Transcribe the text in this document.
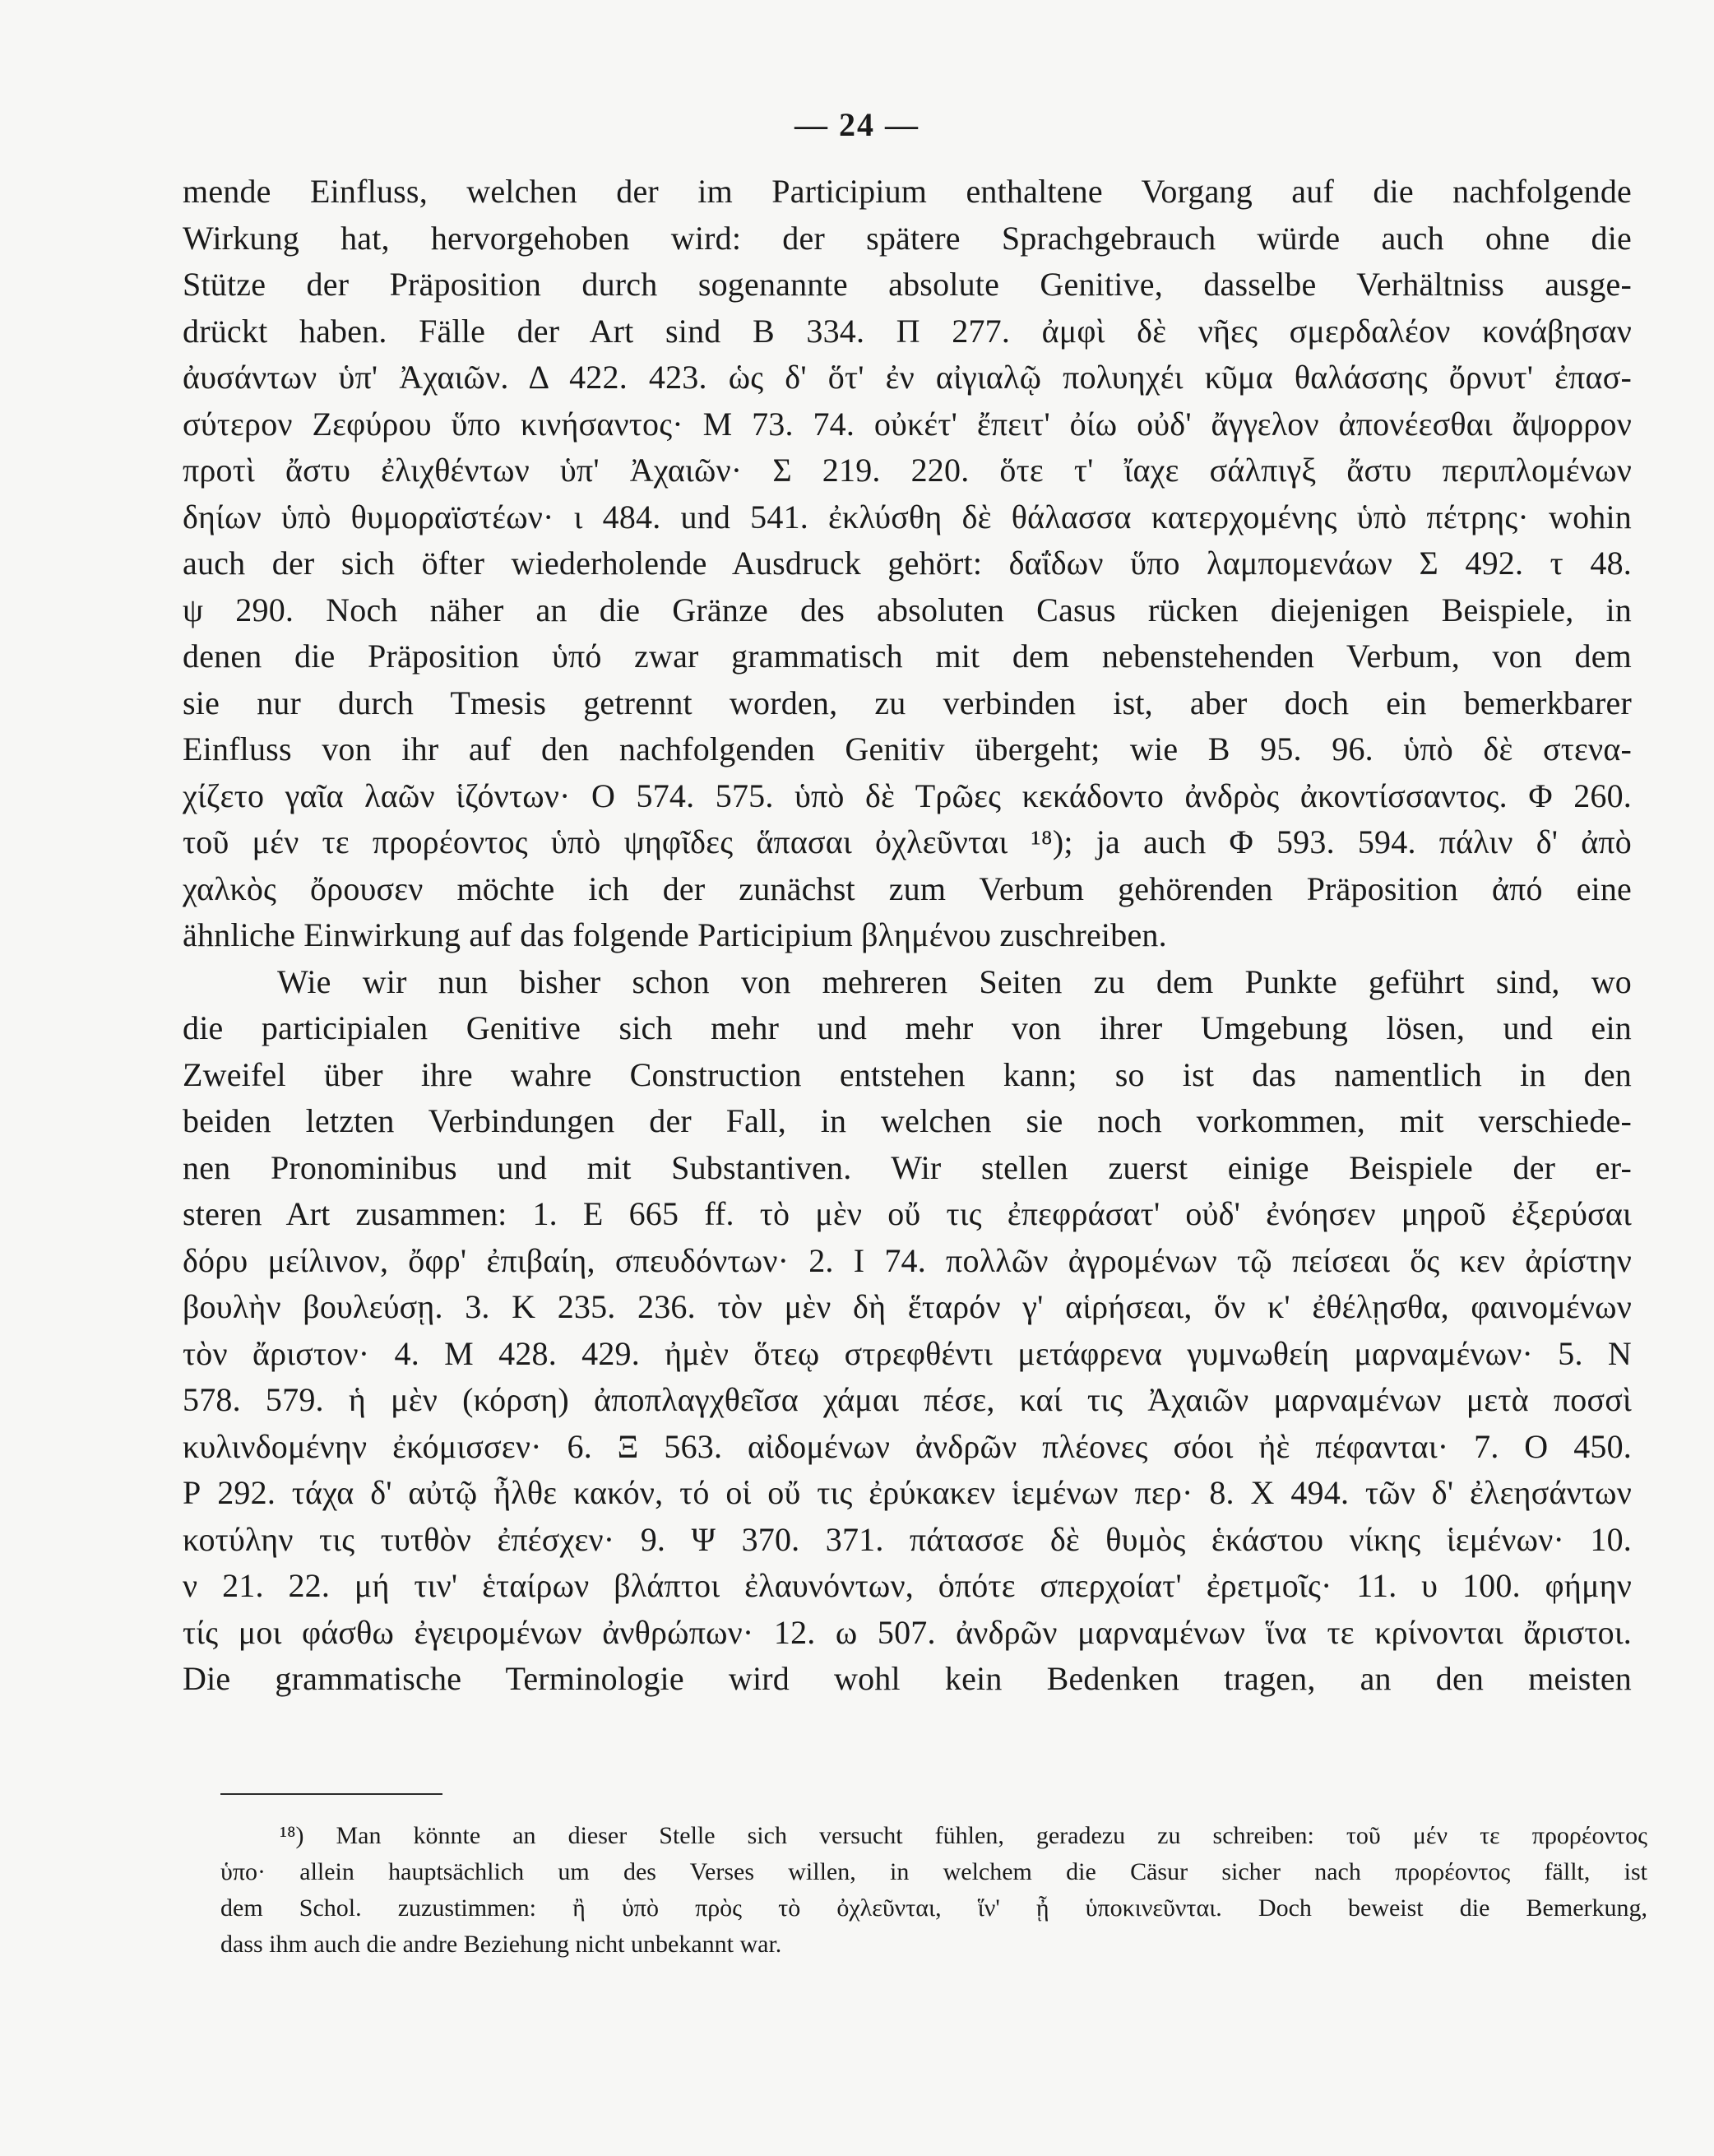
— 24 —
mende Einfluss, welchen der im Participium enthaltene Vorgang auf die nachfolgende
Wirkung hat, hervorgehoben wird: der spätere Sprachgebrauch würde auch ohne die
Stütze der Präposition durch sogenannte absolute Genitive, dasselbe Verhältniss ausge-
drückt haben. Fälle der Art sind Β 334. Π 277. ἀμφὶ δὲ νῆες σμερδαλέον κονάβησαν
ἀυσάντων ὑπ' Ἀχαιῶν. Δ 422. 423. ὡς δ' ὅτ' ἐν αἰγιαλῷ πολυηχέι κῦμα θαλάσσης ὄρνυτ' ἐπασ-
σύτερον Ζεφύρου ὕπο κινήσαντος· Μ 73. 74. οὐκέτ' ἔπειτ' ὀίω οὐδ' ἄγγελον ἀπονέεσθαι ἄψορρον
προτὶ ἄστυ ἐλιχθέντων ὑπ' Ἀχαιῶν· Σ 219. 220. ὅτε τ' ἴαχε σάλπιγξ ἄστυ περιπλομένων
δηίων ὑπὸ θυμοραϊστέων· ι 484. und 541. ἐκλύσθη δὲ θάλασσα κατερχομένης ὑπὸ πέτρης· wohin
auch der sich öfter wiederholende Ausdruck gehört: δαΐδων ὕπο λαμπομενάων Σ 492. τ 48.
ψ 290. Noch näher an die Gränze des absoluten Casus rücken diejenigen Beispiele, in
denen die Präposition ὑπό zwar grammatisch mit dem nebenstehenden Verbum, von dem
sie nur durch Tmesis getrennt worden, zu verbinden ist, aber doch ein bemerkbarer
Einfluss von ihr auf den nachfolgenden Genitiv übergeht; wie Β 95. 96. ὑπὸ δὲ στενα-
χίζετο γαῖα λαῶν ἱζόντων· Ο 574. 575. ὑπὸ δὲ Τρῶες κεκάδοντο ἀνδρὸς ἀκοντίσσαντος. Φ 260.
τοῦ μέν τε προρέοντος ὑπὸ ψηφῖδες ἅπασαι ὀχλεῦνται ¹⁸); ja auch Φ 593. 594. πάλιν δ' ἀπὸ
χαλκὸς ὄρουσεν möchte ich der zunächst zum Verbum gehörenden Präposition ἀπό eine
ähnliche Einwirkung auf das folgende Participium βλημένου zuschreiben.
Wie wir nun bisher schon von mehreren Seiten zu dem Punkte geführt sind, wo
die participialen Genitive sich mehr und mehr von ihrer Umgebung lösen, und ein
Zweifel über ihre wahre Construction entstehen kann; so ist das namentlich in den
beiden letzten Verbindungen der Fall, in welchen sie noch vorkommen, mit verschiede-
nen Pronominibus und mit Substantiven. Wir stellen zuerst einige Beispiele der er-
steren Art zusammen: 1. Ε 665 ff. τὸ μὲν οὔ τις ἐπεφράσατ' οὐδ' ἐνόησεν μηροῦ ἐξερύσαι
δόρυ μείλινον, ὄφρ' ἐπιβαίη, σπευδόντων· 2. Ι 74. πολλῶν ἀγρομένων τῷ πείσεαι ὅς κεν ἀρίστην
βουλὴν βουλεύσῃ. 3. Κ 235. 236. τὸν μὲν δὴ ἕταρόν γ' αἱρήσεαι, ὅν κ' ἐθέλῃσθα, φαινομένων
τὸν ἄριστον· 4. Μ 428. 429. ἠμὲν ὅτεῳ στρεφθέντι μετάφρενα γυμνωθείη μαρναμένων· 5. Ν
578. 579. ἡ μὲν (κόρση) ἀποπλαγχθεῖσα χάμαι πέσε, καί τις Ἀχαιῶν μαρναμένων μετὰ ποσσὶ
κυλινδομένην ἐκόμισσεν· 6. Ξ 563. αἰδομένων ἀνδρῶν πλέονες σόοι ἠὲ πέφανται· 7. Ο 450.
Ρ 292. τάχα δ' αὐτῷ ἦλθε κακόν, τό οἱ οὔ τις ἐρύκακεν ἱεμένων περ· 8. Χ 494. τῶν δ' ἐλεησάντων
κοτύλην τις τυτθὸν ἐπέσχεν· 9. Ψ 370. 371. πάτασσε δὲ θυμὸς ἑκάστου νίκης ἱεμένων· 10.
ν 21. 22. μή τιν' ἑταίρων βλάπτοι ἐλαυνόντων, ὁπότε σπερχοίατ' ἐρετμοῖς· 11. υ 100. φήμην
τίς μοι φάσθω ἐγειρομένων ἀνθρώπων· 12. ω 507. ἀνδρῶν μαρναμένων ἵνα τε κρίνονται ἄριστοι.
Die grammatische Terminologie wird wohl kein Bedenken tragen, an den meisten
¹⁸) Man könnte an dieser Stelle sich versucht fühlen, geradezu zu schreiben: τοῦ μέν τε προρέοντος
ὑπο· allein hauptsächlich um des Verses willen, in welchem die Cäsur sicher nach προρέοντος fällt, ist
dem Schol. zuzustimmen: ἢ ὑπὸ πρὸς τὸ ὀχλεῦνται, ἵν' ᾖ ὑποκινεῦνται. Doch beweist die Bemerkung,
dass ihm auch die andre Beziehung nicht unbekannt war.
